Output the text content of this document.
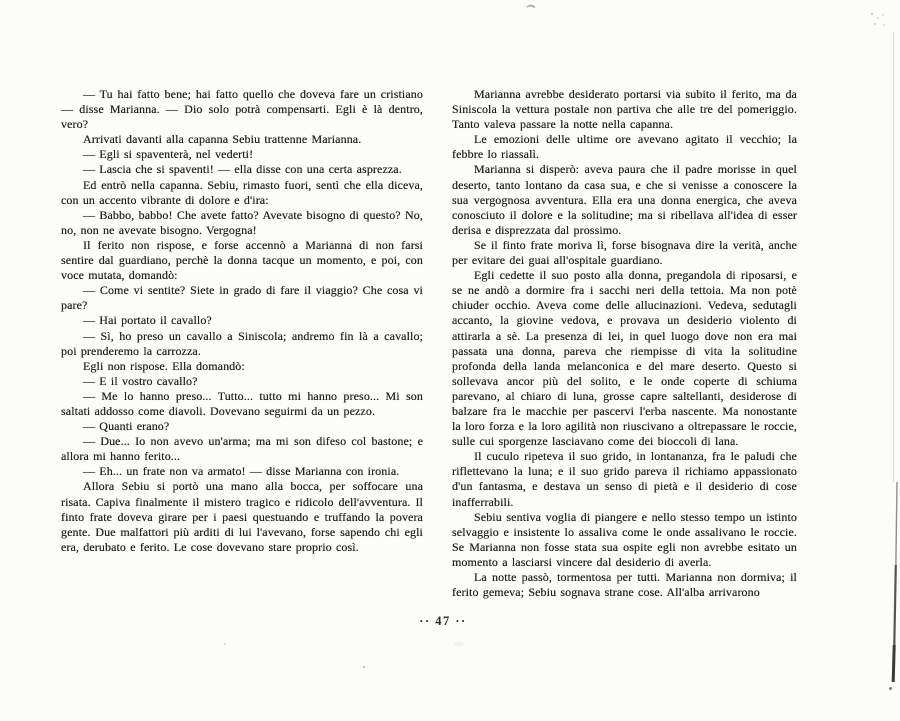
— Tu hai fatto bene; hai fatto quello che doveva fare un cristiano — disse Marianna. — Dio solo potrà compensarti. Egli è là dentro, vero?

Arrivati davanti alla capanna Sebiu trattenne Marianna.

— Egli si spaventerà, nel vederti!

— Lascia che si spaventi! — ella disse con una certa asprezza.

Ed entrò nella capanna. Sebiu, rimasto fuori, sentì che ella diceva, con un accento vibrante di dolore e d'ira:

— Babbo, babbo! Che avete fatto? Avevate bisogno di questo? No, no, non ne avevate bisogno. Vergogna!

Il ferito non rispose, e forse accennò a Marianna di non farsi sentire dal guardiano, perchè la donna tacque un momento, e poi, con voce mutata, domandò:

— Come vi sentite? Siete in grado di fare il viaggio? Che cosa vi pare?

— Hai portato il cavallo?

— Sì, ho preso un cavallo a Siniscola; andremo fin là a cavallo; poi prenderemo la carrozza.

Egli non rispose. Ella domandò:

— E il vostro cavallo?

— Me lo hanno preso... Tutto... tutto mi hanno preso... Mi son saltati addosso come diavoli. Dovevano seguirmi da un pezzo.

— Quanti erano?

— Due... Io non avevo un'arma; ma mi son difeso col bastone; e allora mi hanno ferito...

— Eh... un frate non va armato! — disse Marianna con ironia.

Allora Sebiu si portò una mano alla bocca, per soffocare una risata. Capiva finalmente il mistero tragico e ridicolo dell'avventura. Il finto frate doveva girare per i paesi questuando e truffando la povera gente. Due malfattori più arditi di lui l'avevano, forse sapendo chi egli era, derubato e ferito. Le cose dovevano stare proprio così.

Marianna avrebbe desiderato portarsi via subito il ferito, ma da Siniscola la vettura postale non partiva che alle tre del pomeriggio. Tanto valeva passare la notte nella capanna.

Le emozioni delle ultime ore avevano agitato il vecchio; la febbre lo riassalì.

Marianna si disperò: aveva paura che il padre morisse in quel deserto, tanto lontano da casa sua, e che si venisse a conoscere la sua vergognosa avventura. Ella era una donna energica, che aveva conosciuto il dolore e la solitudine; ma si ribellava all'idea di esser derisa e disprezzata dal prossimo.

Se il finto frate moriva lì, forse bisognava dire la verità, anche per evitare dei guai all'ospitale guardiano.

Egli cedette il suo posto alla donna, pregandola di riposarsi, e se ne andò a dormire fra i sacchi neri della tettoia. Ma non potè chiuder occhio. Aveva come delle allucinazioni. Vedeva, sedutagli accanto, la giovine vedova, e provava un desiderio violento di attirarla a sè. La presenza di lei, in quel luogo dove non era mai passata una donna, pareva che riempisse di vita la solitudine profonda della landa melanconica e del mare deserto. Questo si sollevava ancor più del solito, e le onde coperte di schiuma parevano, al chiaro di luna, grosse capre saltellanti, desiderose di balzare fra le macchie per pascervi l'erba nascente. Ma nonostante la loro forza e la loro agilità non riuscivano a oltrepassare le roccie, sulle cui sporgenze lasciavano come dei bioccoli di lana.

Il cuculo ripeteva il suo grido, in lontananza, fra le paludi che riflettevano la luna; e il suo grido pareva il richiamo appassionato d'un fantasma, e destava un senso di pietà e il desiderio di cose inafferrabili.

Sebiu sentiva voglia di piangere e nello stesso tempo un istinto selvaggio e insistente lo assaliva come le onde assalivano le roccie. Se Marianna non fosse stata sua ospite egli non avrebbe esitato un momento a lasciarsi vincere dal desiderio di averla.

La notte passò, tormentosa per tutti. Marianna non dormiva; il ferito gemeva; Sebiu sognava strane cose. All'alba arrivarono

·· 47 ··
